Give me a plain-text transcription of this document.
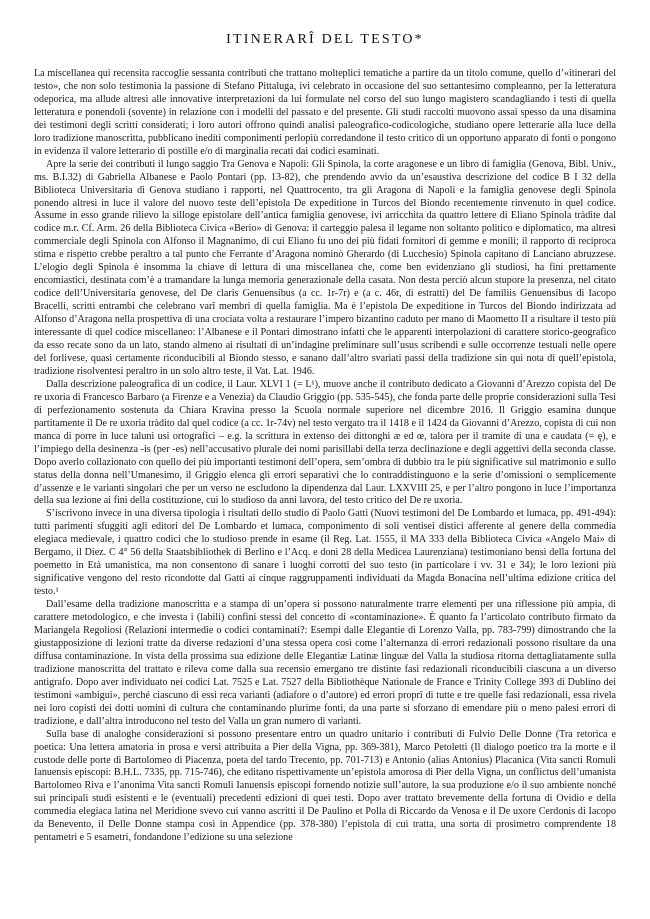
ITINERARÎ DEL TESTO*

La miscellanea qui recensita raccoglie sessanta contributi che trattano molteplici tematiche a partire da un titolo comune, quello d’«itinerari del testo», che non solo testimonia la passione di Stefano Pittaluga, ivi celebrato in occasione del suo settantesimo compleanno, per la letteratura odeporica, ma allude altresì alle innovative interpretazioni da lui formulate nel corso del suo lungo magistero scandagliando i testi di quella letteratura e ponendoli (sovente) in relazione con i modelli del passato e del presente. Gli studi raccolti muovono assai spesso da una disamina dei testimoni degli scritti considerati; i loro autori offrono quindi analisi paleografico-codicologiche, studiano opere letterarie alla luce della loro tradizione manoscritta, pubblicano inediti componimenti perlopiù corredandone il testo critico di un opportuno apparato di fonti o pongono in evidenza il valore letterario di postille e/o di marginalia recati dai codici esaminati.

Apre la serie dei contributi il lungo saggio Tra Genova e Napoli: Gli Spinola, la corte aragonese e un libro di famiglia (Genova, Bibl. Univ., ms. B.I.32) di Gabriella Albanese e Paolo Pontari (pp. 13-82), che prendendo avvio da un’esaustiva descrizione del codice B I 32 della Biblioteca Universitaria di Genova studiano i rapporti, nel Quattrocento, tra gli Aragona di Napoli e la famiglia genovese degli Spinola ponendo altresì in luce il valore del nuovo teste dell’epistola De expeditione in Turcos del Biondo recentemente rinvenuto in quel codice. Assume in esso grande rilievo la silloge epistolare dell’antica famiglia genovese, ivi arricchita da quattro lettere di Eliano Spinola tràdite dal codice m.r. Cf. Arm. 26 della Biblioteca Civica «Berio» di Genova: il carteggio palesa il legame non soltanto politico e diplomatico, ma altresì commerciale degli Spinola con Alfonso il Magnanimo, di cui Eliano fu uno dei più fidati fornitori di gemme e monili; il rapporto di reciproca stima e rispetto crebbe peraltro a tal punto che Ferrante d’Aragona nominò Gherardo (di Lucchesio) Spinola capitano di Lanciano abruzzese. L’elogio degli Spinola è insomma la chiave di lettura di una miscellanea che, come ben evidenziano gli studiosi, ha fini prettamente encomiastici, destinata com’è a tramandare la lunga memoria generazionale della casata. Non desta perciò alcun stupore la presenza, nel citato codice dell’Universitaria genovese, del De claris Genuensibus (a cc. 1r-7r) e (a c. 46r, di estratti) del De familiis Genuensibus di Iacopo Bracelli, scritti entrambi che celebrano varî membri di quella famiglia. Ma è l’epistola De expeditione in Turcos del Biondo indirizzata ad Alfonso d’Aragona nella prospettiva di una crociata volta a restaurare l’impero bizantino caduto per mano di Maometto II a risultare il testo più interessante di quel codice miscellaneo: l’Albanese e il Pontari dimostrano infatti che le apparenti interpolazioni di carattere storico-geografico da esso recate sono da un lato, stando almeno ai risultati di un’indagine preliminare sull’usus scribendi e sulle occorrenze testuali nelle opere del forlivese, quasi certamente riconducibili al Biondo stesso, e sanano dall’altro svariati passi della tradizione sin qui nota di quell’epistola, tradizione risolventesi peraltro in un solo altro teste, il Vat. Lat. 1946.

Dalla descrizione paleografica di un codice, il Laur. XLVI 1 (= L¹), muove anche il contributo dedicato a Giovanni d’Arezzo copista del De re uxoria di Francesco Barbaro (a Firenze e a Venezia) da Claudio Griggio (pp. 535-545), che fonda parte delle proprie considerazioni sulla Tesi di perfezionamento sostenuta da Chiara Kravina presso la Scuola normale superiore nel dicembre 2016. Il Griggio esamina dunque partitamente il De re uxoria tràdito dal quel codice (a cc. 1r-74v) nel testo vergato tra il 1418 e il 1424 da Giovanni d’Arezzo, copista di cui non manca di porre in luce taluni usi ortografici – e.g. la scrittura in extenso dei dittonghi æ ed œ, talora per il tramite di una e caudata (= ę), e l’impiego della desinenza -is (per -es) nell’accusativo plurale dei nomi parisillabi della terza declinazione e degli aggettivi della seconda classe. Dopo averlo collazionato con quello dei più importanti testimoni dell’opera, sem’ombra di dubbio tra le più significative sul matrimonio e sullo status della donna nell’Umanesimo, il Griggio elenca gli errori separativi che lo contraddistinguono e la serie d’omissioni o semplicemente d’assenze e le varianti singolari che per un verso ne escludono la dipendenza dal Laur. LXXVIII 25, e per l’altro pongono in luce l’importanza della sua lezione ai fini della costituzione, cui lo studioso da anni lavora, del testo critico del De re uxoria.

S’iscrivono invece in una diversa tipologia i risultati dello studio di Paolo Gatti (Nuovi testimoni del De Lombardo et lumaca, pp. 491-494): tutti parimenti sfuggiti agli editori del De Lombardo et lumaca, componimento di soli ventisei distici afferente al genere della commedia elegiaca medievale, i quattro codici che lo studioso prende in esame (il Reg. Lat. 1555, il MA 333 della Biblioteca Civica «Angelo Mai» di Bergamo, il Diez. C 4° 56 della Staatsbibliothek di Berlino e l’Acq. e doni 28 della Medicea Laurenziana) testimoniano bensì della fortuna del poemetto in Età umanistica, ma non consentono di sanare i luoghi corrotti del suo testo (in particolare i vv. 31 e 34); le loro lezioni più significative vengono del resto ricondotte dal Gatti ai cinque raggruppamenti individuati da Magda Bonacina nell’ultima edizione critica del testo.¹

Dall’esame della tradizione manoscritta e a stampa di un’opera si possono naturalmente trarre elementi per una riflessione più ampia, di carattere metodologico, e che investa i (labili) confini stessi del concetto di «contaminazione». È quanto fa l’articolato contributo firmato da Mariangela Regoliosi (Relazioni intermedie o codici contaminati?: Esempi dalle Elegantie di Lorenzo Valla, pp. 783-799) dimostrando che la giustapposizione di lezioni tratte da diverse redazioni d’una stessa opera così come l’alternanza di errori redazionali possono risultare da una diffusa contaminazione. In vista della prossima sua edizione delle Elegantiæ Latinæ linguæ del Valla la studiosa ritorna dettagliatamente sulla tradizione manoscritta del trattato e rileva come dalla sua recensio emergano tre distinte fasi redazionali riconducibili ciascuna a un diverso antigrafo. Dopo aver individuato nei codici Lat. 7525 e Lat. 7527 della Bibliothèque Nationale de France e Trinity College 393 di Dublino dei testimoni «ambigui», perché ciascuno di essi reca varianti (adiafore o d’autore) ed errori proprî di tutte e tre quelle fasi redazionali, essa rivela nei loro copisti dei dotti uomini di cultura che contaminando plurime fonti, da una parte si sforzano di emendare più o meno palesi errori di tradizione, e dall’altra introducono nel testo del Valla un gran numero di varianti.

Sulla base di analoghe considerazioni si possono presentare entro un quadro unitario i contributi di Fulvio Delle Donne (Tra retorica e poetica: Una lettera amatoria in prosa e versi attribuita a Pier della Vigna, pp. 369-381), Marco Petoletti (Il dialogo poetico tra la morte e il custode delle porte di Bartolomeo di Piacenza, poeta del tardo Trecento, pp. 701-713) e Antonio (alias Antonius) Placanica (Vita sancti Romuli Ianuensis episcopi: B.H.L. 7335, pp. 715-746), che editano rispettivamente un’epistola amorosa di Pier della Vigna, un conflictus dell’umanista Bartolomeo Riva e l’anonima Vita sancti Romuli Ianuensis episcopi fornendo notizie sull’autore, la sua produzione e/o il suo ambiente nonché sui principali studi esistenti e le (eventuali) precedenti edizioni di quei testi. Dopo aver trattato brevemente della fortuna di Ovidio e della commedia elegiaca latina nel Meridione svevo cui vanno ascritti il De Paulino et Polla di Riccardo da Venosa e il De uxore Cerdonis di Iacopo da Benevento, il Delle Donne stampa così in Appendice (pp. 378-380) l’epistola di cui tratta, una sorta di prosimetro comprendente 18 pentametri e 5 esametri, fondandone l’edizione su una selezione
